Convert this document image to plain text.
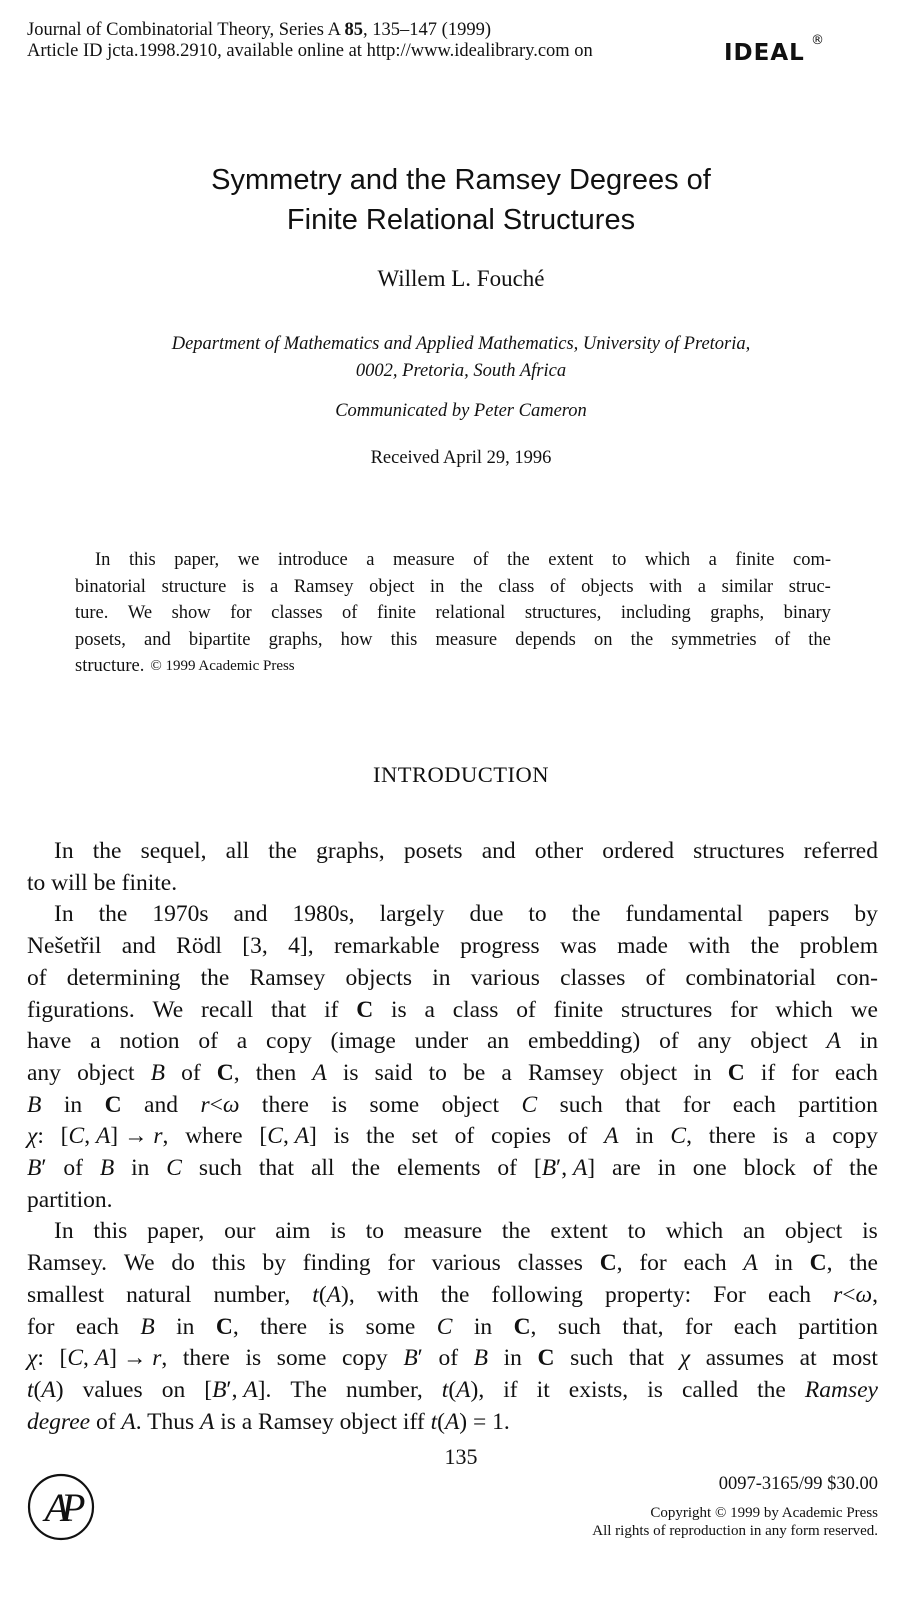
Journal of Combinatorial Theory, Series A 85, 135–147 (1999)
Article ID jcta.1998.2910, available online at http://www.idealibrary.com on	IDEAL ®
Symmetry and the Ramsey Degrees of
Finite Relational Structures
Willem L. Fouché
Department of Mathematics and Applied Mathematics, University of Pretoria,
0002, Pretoria, South Africa
Communicated by Peter Cameron
Received April 29, 1996
In this paper, we introduce a measure of the extent to which a finite com-
binatorial structure is a Ramsey object in the class of objects with a similar struc-
ture. We show for classes of finite relational structures, including graphs, binary
posets, and bipartite graphs, how this measure depends on the symmetries of the
structure. © 1999 Academic Press
INTRODUCTION
In the sequel, all the graphs, posets and other ordered structures referred
to will be finite.
In the 1970s and 1980s, largely due to the fundamental papers by
Nešetřil and Rödl [3, 4], remarkable progress was made with the problem
of determining the Ramsey objects in various classes of combinatorial con-
figurations. We recall that if C is a class of finite structures for which we
have a notion of a copy (image under an embedding) of any object A in
any object B of C, then A is said to be a Ramsey object in C if for each
B in C and r<ω there is some object C such that for each partition
χ: [C, A] → r, where [C, A] is the set of copies of A in C, there is a copy
B′ of B in C such that all the elements of [B′, A] are in one block of the
partition.
In this paper, our aim is to measure the extent to which an object is
Ramsey. We do this by finding for various classes C, for each A in C, the
smallest natural number, t(A), with the following property: For each r<ω,
for each B in C, there is some C in C, such that, for each partition
χ: [C, A] → r, there is some copy B′ of B in C such that χ assumes at most
t(A) values on [B′, A]. The number, t(A), if it exists, is called the Ramsey
degree of A. Thus A is a Ramsey object iff t(A) = 1.
135
AP
0097-3165/99 $30.00
Copyright © 1999 by Academic Press
All rights of reproduction in any form reserved.
